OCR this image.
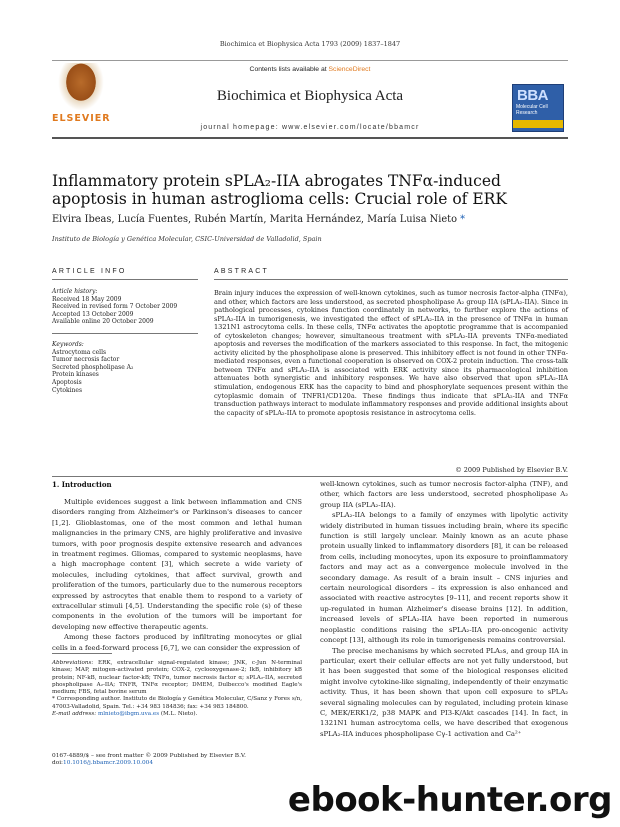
Biochimica et Biophysica Acta 1793 (2009) 1837–1847
ELSEVIER
Contents lists available at ScienceDirect
Biochimica et Biophysica Acta
journal homepage: www.elsevier.com/locate/bbamcr
BBA
Molecular Cell Research
Inflammatory protein sPLA₂-IIA abrogates TNFα-induced apoptosis in human astroglioma cells: Crucial role of ERK
Elvira Ibeas, Lucía Fuentes, Rubén Martín, Marita Hernández, María Luisa Nieto *
Instituto de Biología y Genética Molecular, CSIC-Universidad de Valladolid, Spain
ARTICLE INFO	ABSTRACT
Article history:
Received 18 May 2009
Received in revised form 7 October 2009
Accepted 13 October 2009
Available online 20 October 2009
Keywords:
Astrocytoma cells
Tumor necrosis factor
Secreted phospholipase A₂
Protein kinases
Apoptosis
Cytokines
Brain injury induces the expression of well-known cytokines, such as tumor necrosis factor-alpha (TNFα), and other, which factors are less understood, as secreted phospholipase A₂ group IIA (sPLA₂-IIA). Since in pathological processes, cytokines function coordinately in networks, to further explore the actions of sPLA₂-IIA in tumorigenesis, we investigated the effect of sPLA₂-IIA in the presence of TNFα in human 1321N1 astrocytoma cells. In these cells, TNFα activates the apoptotic programme that is accompanied of cytoskeleton changes; however, simultaneous treatment with sPLA₂-IIA prevents TNFα-mediated apoptosis and reverses the modification of the markers associated to this response. In fact, the mitogenic activity elicited by the phospholipase alone is preserved. This inhibitory effect is not found in other TNFα-mediated responses, even a functional cooperation is observed on COX-2 protein induction. The cross-talk between TNFα and sPLA₂-IIA is associated with ERK activity since its pharmacological inhibition attenuates both synergistic and inhibitory responses. We have also observed that upon sPLA₂-IIA stimulation, endogenous ERK has the capacity to bind and phosphorylate sequences present within the cytoplasmic domain of TNFR1/CD120a. These findings thus indicate that sPLA₂-IIA and TNFα transduction pathways interact to modulate inflammatory responses and provide additional insights about the capacity of sPLA₂-IIA to promote apoptosis resistance in astrocytoma cells.
© 2009 Published by Elsevier B.V.
1. Introduction

Multiple evidences suggest a link between inflammation and CNS disorders ranging from Alzheimer's or Parkinson's diseases to cancer [1,2]. Glioblastomas, one of the most common and lethal human malignancies in the primary CNS, are highly proliferative and invasive tumors, with poor prognosis despite extensive research and advances in treatment regimes. Gliomas, compared to systemic neoplasms, have a high macrophage content [3], which secrete a wide variety of molecules, including cytokines, that affect survival, growth and proliferation of the tumors, particularly due to the numerous receptors expressed by astrocytes that enable them to respond to a variety of extracellular stimuli [4,5]. Understanding the specific role (s) of these components in the evolution of the tumors will be important for developing new effective therapeutic agents.

Among these factors produced by infiltrating monocytes or glial cells in a feed-forward process [6,7], we can consider the expression of

well-known cytokines, such as tumor necrosis factor-alpha (TNF), and other, which factors are less understood, secreted phospholipase A₂ group IIA (sPLA₂-IIA).

sPLA₂-IIA belongs to a family of enzymes with lipolytic activity widely distributed in human tissues including brain, where its specific function is still largely unclear. Mainly known as an acute phase protein usually linked to inflammatory disorders [8], it can be released from cells, including monocytes, upon its exposure to proinflammatory factors and may act as a convergence molecule involved in the secondary damage. As result of a brain insult – CNS injuries and certain neurological disorders – its expression is also enhanced and associated with reactive astrocytes [9–11], and recent reports show it up-regulated in human Alzheimer's disease brains [12]. In addition, increased levels of sPLA₂-IIA have been reported in numerous neoplastic conditions raising the sPLA₂-IIA pro-oncogenic activity concept [13], although its role in tumorigenesis remains controversial.

The precise mechanisms by which secreted PLA₂s, and group IIA in particular, exert their cellular effects are not yet fully understood, but it has been suggested that some of the biological responses elicited might involve cytokine-like signaling, independently of their enzymatic activity. Thus, it has been shown that upon cell exposure to sPLA₂ several signaling molecules can by regulated, including protein kinase C, MEK/ERK1/2, p38 MAPK and PI3-K/Akt cascades [14]. In fact, in 1321N1 human astrocytoma cells, we have described that exogenous sPLA₂-IIA induces phospholipase Cγ-1 activation and Ca²⁺

Abbreviations: ERK, extracellular signal-regulated kinase; JNK, c-Jun N-terminal kinase; MAP, mitogen-activated protein; COX-2, cyclooxygenase-2; IkB, inhibitory kB protein; NF-kB, nuclear factor-kB; TNFα, tumor necrosis factor α; sPLA₂-IIA, secreted phospholipase A₂-IIA; TNFR, TNFα receptor; DMEM, Dulbecco's modified Eagle's medium; FBS, fetal bovine serum
* Corresponding author. Instituto de Biología y Genética Molecular, C/Sanz y Fores s/n, 47003-Valladolid, Spain. Tel.: +34 983 184836; fax: +34 983 184800.
E-mail address: mlnieto@ibgm.uva.es (M.L. Nieto).
0167-4889/$ – see front matter © 2009 Published by Elsevier B.V.
doi:10.1016/j.bbamcr.2009.10.004
ebook-hunter.org
